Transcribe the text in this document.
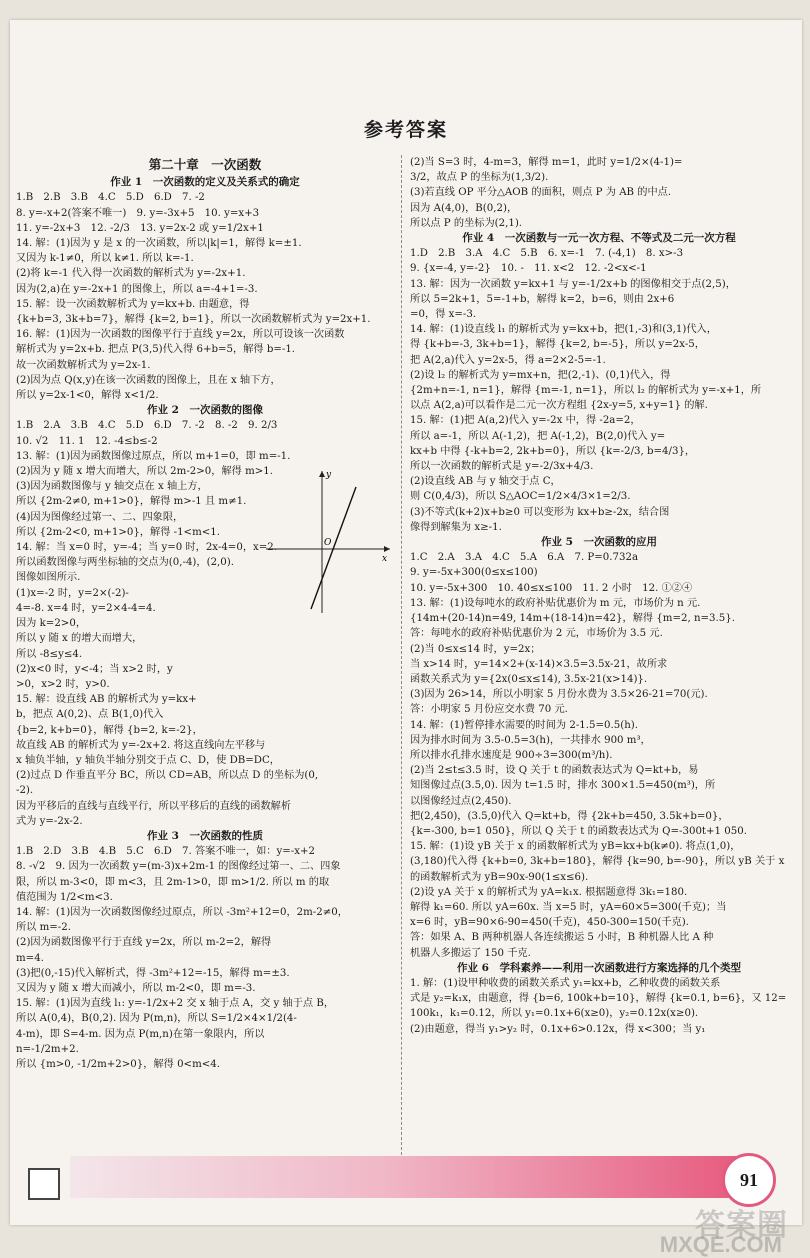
参考答案
第二十章　一次函数
作业 1　一次函数的定义及关系式的确定
1.B　2.B　3.B　4.C　5.D　6.D　7. -2
8. y=-x+2(答案不唯一)　9. y=-3x+5　10. y=x+3
11. y=-2x+3　12. -2/3　13. y=2x-2 或 y=1/2x+1
14. 解：(1)因为 y 是 x 的一次函数，所以|k|=1，解得 k=±1.
又因为 k-1≠0，所以 k≠1. 所以 k=-1.
(2)将 k=-1 代入得一次函数的解析式为 y=-2x+1.
因为(2,a)在 y=-2x+1 的图像上，所以 a=-4+1=-3.
15. 解：设一次函数解析式为 y=kx+b. 由题意，得
{k+b=3, 3k+b=7}，解得 {k=2, b=1}，所以一次函数解析式为 y=2x+1.
16. 解：(1)因为一次函数的图像平行于直线 y=2x，所以可设该一次函数
解析式为 y=2x+b. 把点 P(3,5)代入得 6+b=5，解得 b=-1.
故一次函数解析式为 y=2x-1.
(2)因为点 Q(x,y)在该一次函数的图像上，且在 x 轴下方，
所以 y=2x-1<0，解得 x<1/2.
作业 2　一次函数的图像
1.B　2.A　3.B　4.C　5.D　6.D　7. -2　8. -2　9. 2/3
10. √2　11. 1　12. -4≤b≤-2
13. 解：(1)因为函数图像过原点，所以 m+1=0，即 m=-1.
(2)因为 y 随 x 增大而增大，所以 2m-2>0，解得 m>1.
(3)因为函数图像与 y 轴交点在 x 轴上方，
所以 {2m-2≠0, m+1>0}，解得 m>-1 且 m≠1.
(4)因为图像经过第一、二、四象限，
所以 {2m-2<0, m+1>0}，解得 -1<m<1.
14. 解：当 x=0 时，y=-4；当 y=0 时，2x-4=0，x=2.
所以函数图像与两坐标轴的交点为(0,-4)，(2,0).
图像如图所示.
(1)x=-2 时，y=2×(-2)-
4=-8. x=4 时，y=2×4-4=4.
因为 k=2>0，
所以 y 随 x 的增大而增大，
所以 -8≤y≤4.
(2)x<0 时，y<-4；当 x>2 时，y
>0，x>2 时，y>0.
15. 解：设直线 AB 的解析式为 y=kx+
b，把点 A(0,2)、点 B(1,0)代入
{b=2, k+b=0}，解得 {b=2, k=-2}，
故直线 AB 的解析式为 y=-2x+2. 将这直线向左平移与
x 轴负半轴，y 轴负半轴分别交于点 C、D，使 DB=DC，
(2)过点 D 作垂直平分 BC，所以 CD=AB，所以点 D 的坐标为(0,
-2).
因为平移后的直线与直线平行，所以平移后的直线的函数解析
式为 y=-2x-2.
作业 3　一次函数的性质
1.B　2.D　3.B　4.B　5.C　6.D　7. 答案不唯一，如：y=-x+2
8. -√2　9. 因为一次函数 y=(m-3)x+2m-1 的图像经过第一、二、四象
限，所以 m-3<0，即 m<3，且 2m-1>0，即 m>1/2. 所以 m 的取
值范围为 1/2<m<3.
14. 解：(1)因为一次函数图像经过原点，所以 -3m²+12=0，2m-2≠0，
所以 m=-2.
(2)因为函数图像平行于直线 y=2x，所以 m-2=2，解得
m=4.
(3)把(0,-15)代入解析式，得 -3m²+12=-15，解得 m=±3.
又因为 y 随 x 增大而减小，所以 m-2<0，即 m=-3.
15. 解：(1)因为直线 l₁: y=-1/2x+2 交 x 轴于点 A，交 y 轴于点 B，
所以 A(0,4)，B(0,2). 因为 P(m,n)，所以 S=1/2×4×1/2(4-
4-m)，即 S=4-m. 因为点 P(m,n)在第一象限内，所以
n=-1/2m+2.
所以 {m>0, -1/2m+2>0}，解得 0<m<4.
(2)当 S=3 时，4-m=3，解得 m=1，此时 y=1/2×(4-1)=
3/2，故点 P 的坐标为(1,3/2).
(3)若直线 OP 平分△AOB 的面积，则点 P 为 AB 的中点.
因为 A(4,0)，B(0,2)，
所以点 P 的坐标为(2,1).
作业 4　一次函数与一元一次方程、不等式及二元一次方程
1.D　2.B　3.A　4.C　5.B　6. x=-1　7. (-4,1)　8. x>-3
9. {x=-4, y=-2}　10. -　11. x<2　12. -2<x<-1
13. 解：因为一次函数 y=kx+1 与 y=-1/2x+b 的图像相交于点(2,5)，
所以 5=2k+1，5=-1+b，解得 k=2，b=6，则由 2x+6
=0，得 x=-3.
14. 解：(1)设直线 l₁ 的解析式为 y=kx+b，把(1,-3)和(3,1)代入，
得 {k+b=-3, 3k+b=1}，解得 {k=2, b=-5}，所以 y=2x-5，
把 A(2,a)代入 y=2x-5，得 a=2×2-5=-1.
(2)设 l₂ 的解析式为 y=mx+n，把(2,-1)、(0,1)代入，得
{2m+n=-1, n=1}，解得 {m=-1, n=1}，所以 l₂ 的解析式为 y=-x+1，所
以点 A(2,a)可以看作是二元一次方程组 {2x-y=5, x+y=1} 的解.
15. 解：(1)把 A(a,2)代入 y=-2x 中，得 -2a=2，
所以 a=-1，所以 A(-1,2)，把 A(-1,2)，B(2,0)代入 y=
kx+b 中得 {-k+b=2, 2k+b=0}，所以 {k=-2/3, b=4/3}，
所以一次函数的解析式是 y=-2/3x+4/3.
(2)设直线 AB 与 y 轴交于点 C，
则 C(0,4/3)，所以 S△AOC=1/2×4/3×1=2/3.
(3)不等式(k+2)x+b≥0 可以变形为 kx+b≥-2x，结合图
像得到解集为 x≥-1.
作业 5　一次函数的应用
1.C　2.A　3.A　4.C　5.A　6.A　7. P=0.732a
9. y=-5x+300(0≤x≤100)
10. y=-5x+300　10. 40≤x≤100　11. 2 小时　12. ①②④
13. 解：(1)设每吨水的政府补贴优惠价为 m 元，市场价为 n 元.
{14m+(20-14)n=49, 14m+(18-14)n=42}，解得 {m=2, n=3.5}.
答：每吨水的政府补贴优惠价为 2 元，市场价为 3.5 元.
(2)当 0≤x≤14 时，y=2x；
当 x>14 时，y=14×2+(x-14)×3.5=3.5x-21，故所求
函数关系式为 y={2x(0≤x≤14), 3.5x-21(x>14)}.
(3)因为 26>14，所以小明家 5 月份水费为 3.5×26-21=70(元).
答：小明家 5 月份应交水费 70 元.
14. 解：(1)暂停排水需要的时间为 2-1.5=0.5(h).
因为排水时间为 3.5-0.5=3(h)，一共排水 900 m³，
所以排水孔排水速度是 900÷3=300(m³/h).
(2)当 2≤t≤3.5 时，设 Q 关于 t 的函数表达式为 Q=kt+b，易
知图像过点(3.5,0). 因为 t=1.5 时，排水 300×1.5=450(m³)，所
以图像经过点(2,450).
把(2,450)，(3.5,0)代入 Q=kt+b，得 {2k+b=450, 3.5k+b=0}，
{k=-300, b=1 050}，所以 Q 关于 t 的函数表达式为 Q=-300t+1 050.
15. 解：(1)设 yB 关于 x 的函数解析式为 yB=kx+b(k≠0). 将点(1,0)，
(3,180)代入得 {k+b=0, 3k+b=180}，解得 {k=90, b=-90}，所以 yB 关于 x
的函数解析式为 yB=90x-90(1≤x≤6).
(2)设 yA 关于 x 的解析式为 yA=k₁x. 根据题意得 3k₁=180.
解得 k₁=60. 所以 yA=60x. 当 x=5 时，yA=60×5=300(千克)；当
x=6 时，yB=90×6-90=450(千克)，450-300=150(千克).
答：如果 A、B 两种机器人各连续搬运 5 小时，B 种机器人比 A 种
机器人多搬运了 150 千克.
作业 6　学科素养——利用一次函数进行方案选择的几个类型
1. 解：(1)设甲种收费的函数关系式 y₁=kx+b，乙种收费的函数关系
式是 y₂=k₁x，由题意，得 {b=6, 100k+b=10}，解得 {k=0.1, b=6}，又 12=
100k₁，k₁=0.12，所以 y₁=0.1x+6(x≥0)，y₂=0.12x(x≥0).
(2)由题意，得当 y₁>y₂ 时，0.1x+6>0.12x，得 x<300；当 y₁
x
y
O
91
答案圈
MXQE.COM
